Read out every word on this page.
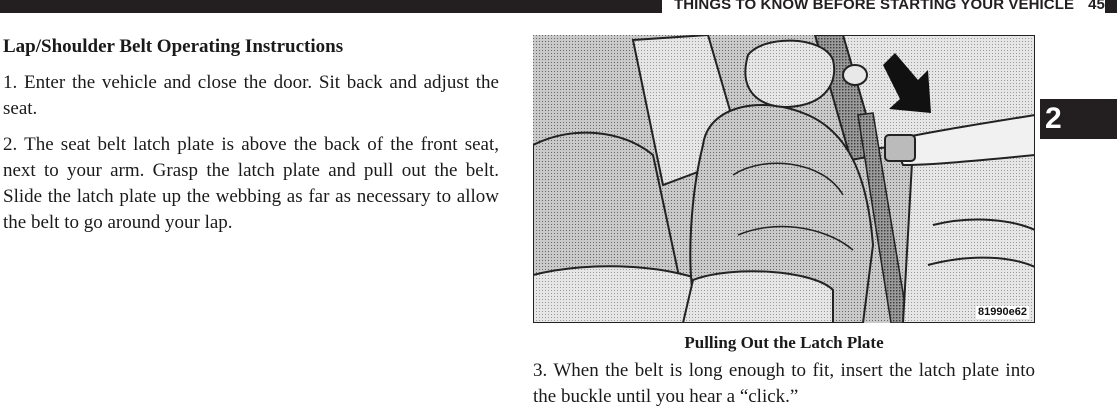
THINGS TO KNOW BEFORE STARTING YOUR VEHICLE 45
Lap/Shoulder Belt Operating Instructions

1. Enter the vehicle and close the door. Sit back and adjust the seat.

2. The seat belt latch plate is above the back of the front seat, next to your arm. Grasp the latch plate and pull out the belt. Slide the latch plate up the webbing as far as necessary to allow the belt to go around your lap.

81990e62
Pulling Out the Latch Plate
3. When the belt is long enough to fit, insert the latch plate into the buckle until you hear a “click.”
2
